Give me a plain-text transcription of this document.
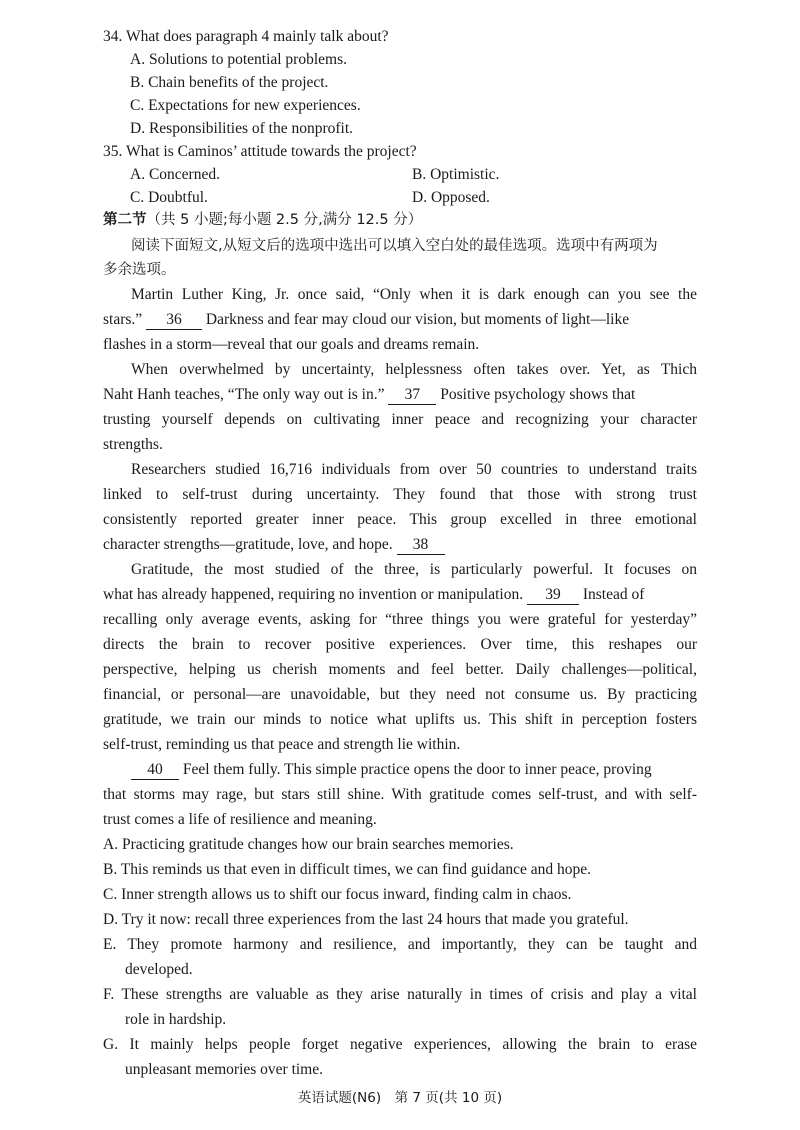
34. What does paragraph 4 mainly talk about?
A. Solutions to potential problems.
B. Chain benefits of the project.
C. Expectations for new experiences.
D. Responsibilities of the nonprofit.
35. What is Caminos’ attitude towards the project?
A. Concerned.	B. Optimistic.
C. Doubtful.	D. Opposed.
第二节（共 5 小题;每小题 2.5 分,满分 12.5 分）
阅读下面短文,从短文后的选项中选出可以填入空白处的最佳选项。选项中有两项为
多余选项。
Martin Luther King, Jr. once said, “Only when it is dark enough can you see the
stars.” 36 Darkness and fear may cloud our vision, but moments of light—like
flashes in a storm—reveal that our goals and dreams remain.
When overwhelmed by uncertainty, helplessness often takes over. Yet, as Thich
Naht Hanh teaches, “The only way out is in.” 37 Positive psychology shows that
trusting yourself depends on cultivating inner peace and recognizing your character
strengths.
Researchers studied 16,716 individuals from over 50 countries to understand traits
linked to self-trust during uncertainty. They found that those with strong trust
consistently reported greater inner peace. This group excelled in three emotional
character strengths—gratitude, love, and hope. 38
Gratitude, the most studied of the three, is particularly powerful. It focuses on
what has already happened, requiring no invention or manipulation. 39 Instead of
recalling only average events, asking for “three things you were grateful for yesterday”
directs the brain to recover positive experiences. Over time, this reshapes our
perspective, helping us cherish moments and feel better. Daily challenges—political,
financial, or personal—are unavoidable, but they need not consume us. By practicing
gratitude, we train our minds to notice what uplifts us. This shift in perception fosters
self-trust, reminding us that peace and strength lie within.
40 Feel them fully. This simple practice opens the door to inner peace, proving
that storms may rage, but stars still shine. With gratitude comes self-trust, and with self-
trust comes a life of resilience and meaning.
A. Practicing gratitude changes how our brain searches memories.
B. This reminds us that even in difficult times, we can find guidance and hope.
C. Inner strength allows us to shift our focus inward, finding calm in chaos.
D. Try it now: recall three experiences from the last 24 hours that made you grateful.
E. They promote harmony and resilience, and importantly, they can be taught and
developed.
F. These strengths are valuable as they arise naturally in times of crisis and play a vital
role in hardship.
G. It mainly helps people forget negative experiences, allowing the brain to erase
unpleasant memories over time.
英语试题(N6)　第 7 页(共 10 页)
